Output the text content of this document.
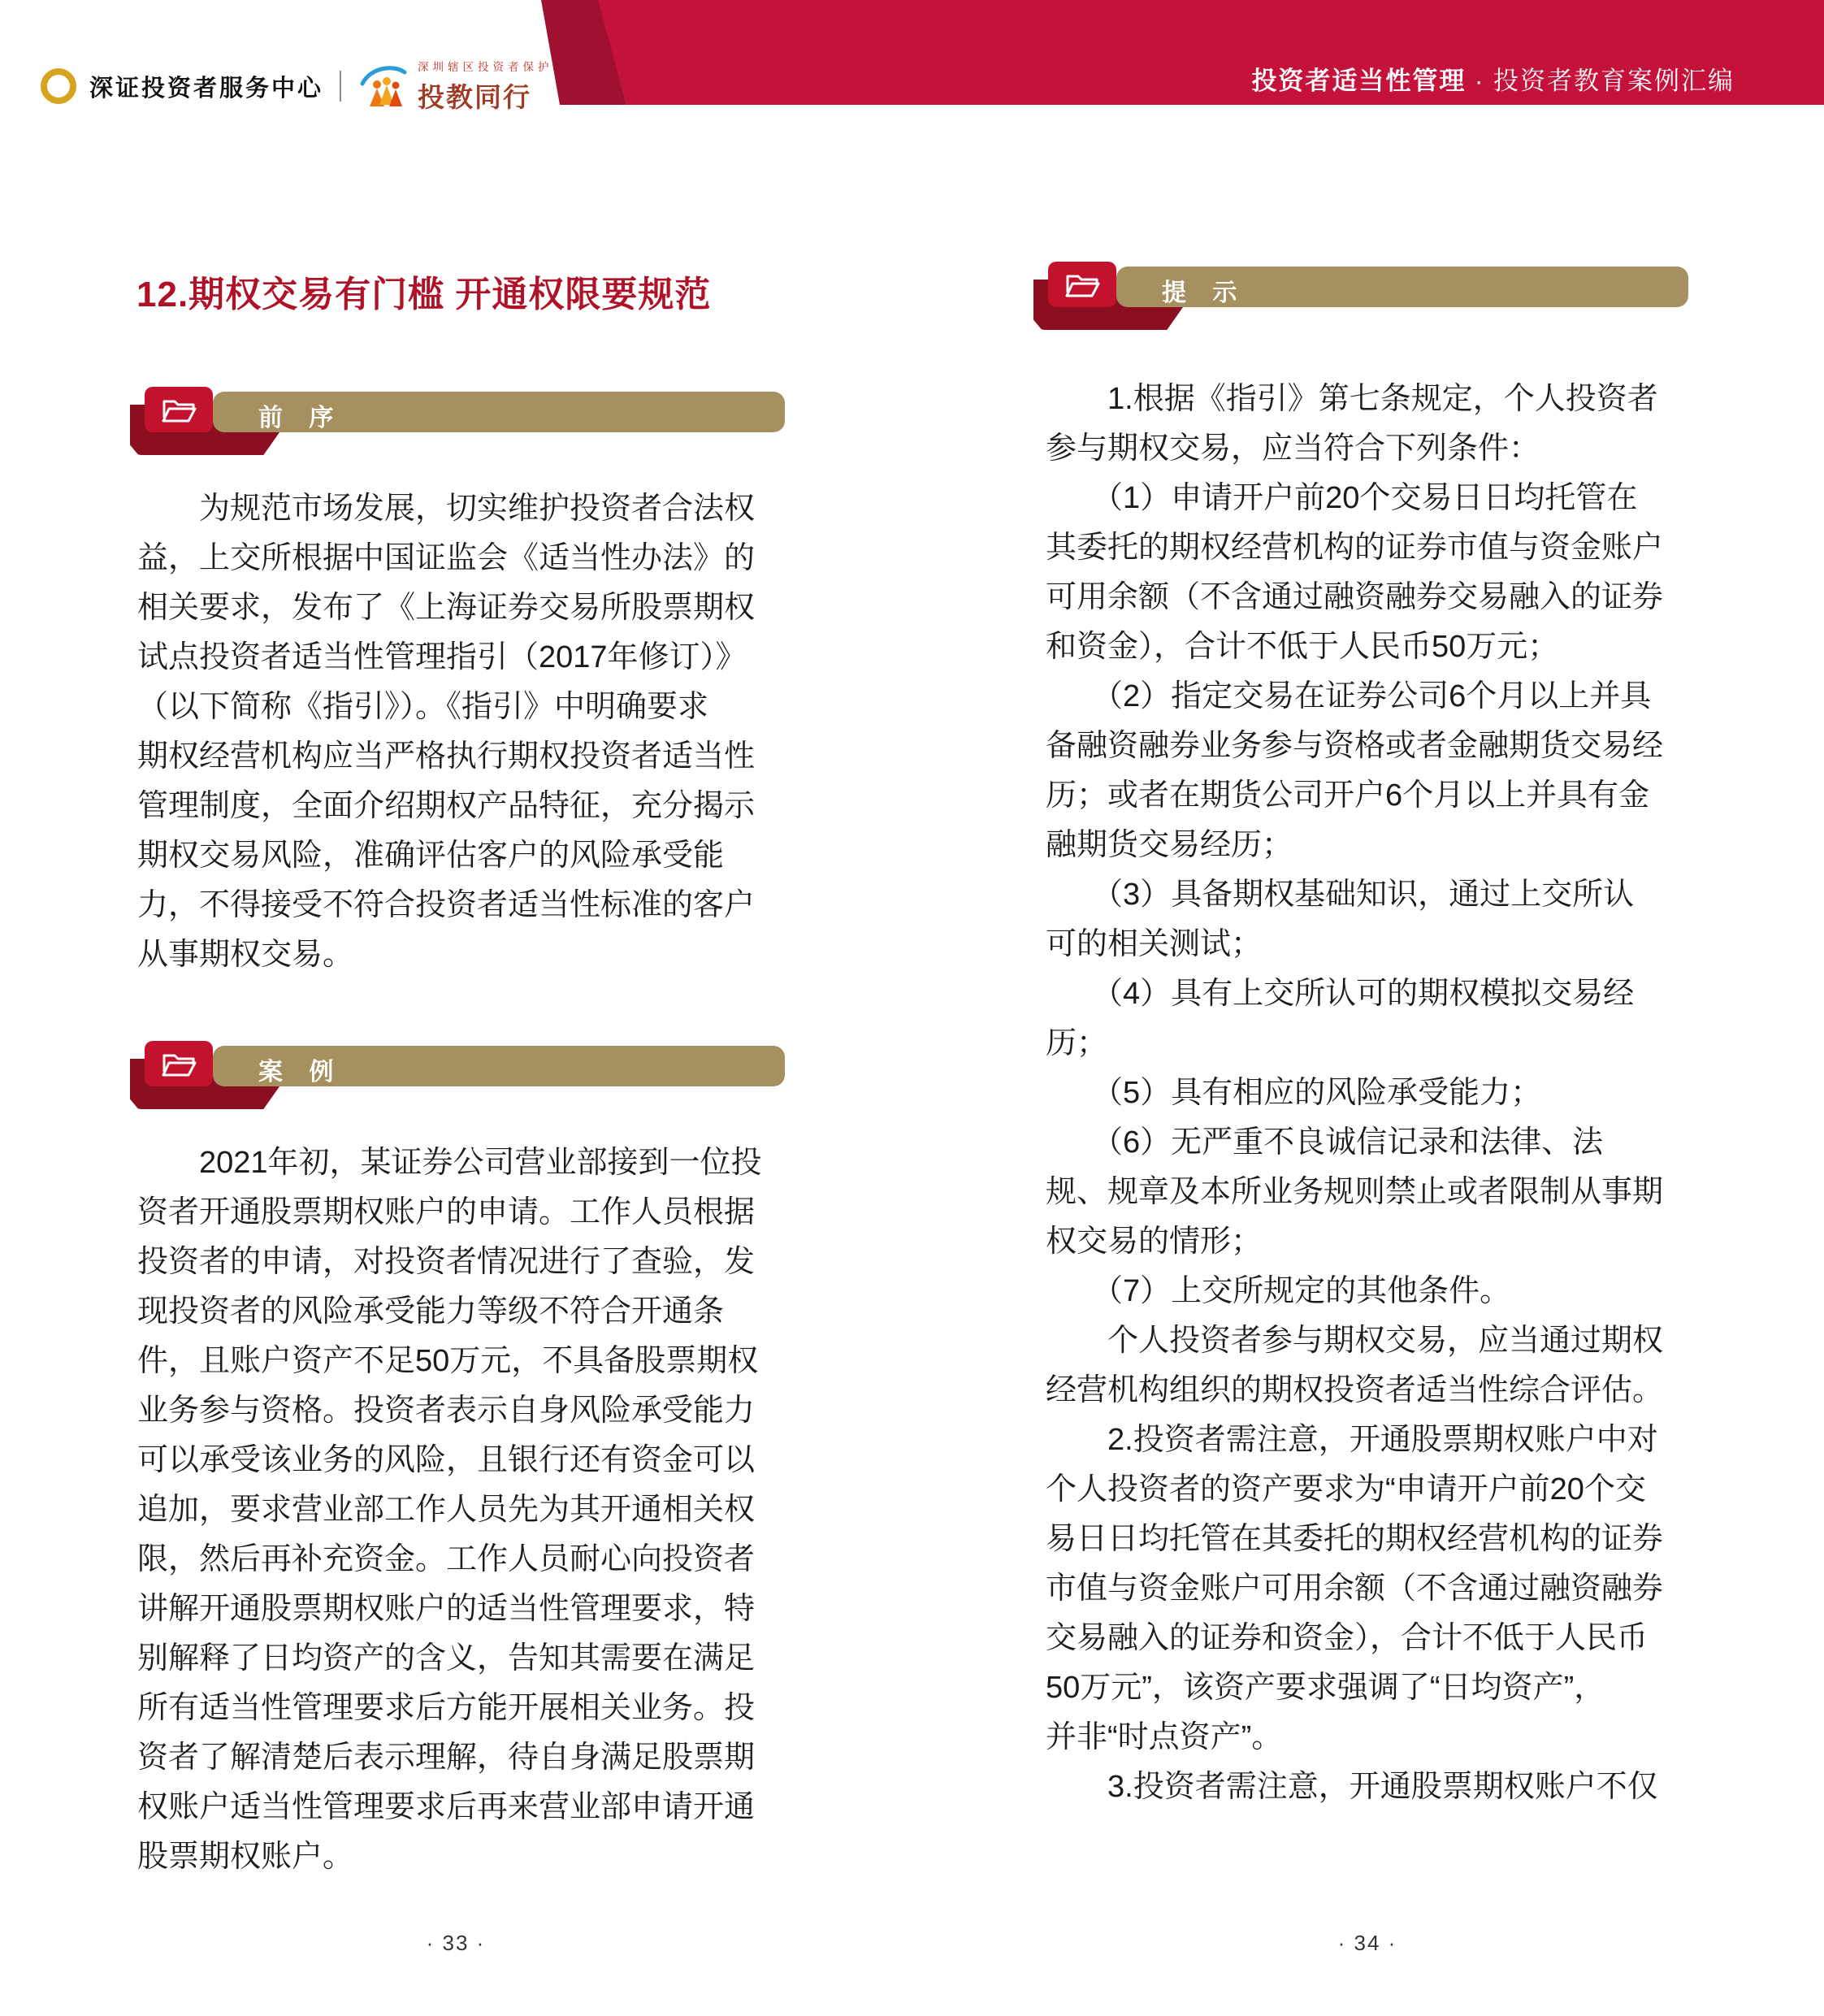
投资者适当性管理 · 投资者教育案例汇编
深证投资者服务中心
深圳辖区投资者保护
投教同行
12.期权交易有门槛 开通权限要规范
前 序
　　为规范市场发展，切实维护投资者合法权
益，上交所根据中国证监会《适当性办法》的
相关要求，发布了《上海证券交易所股票期权
试点投资者适当性管理指引（2017年修订）》
（以下简称《指引》）。《指引》中明确要求
期权经营机构应当严格执行期权投资者适当性
管理制度，全面介绍期权产品特征，充分揭示
期权交易风险，准确评估客户的风险承受能
力，不得接受不符合投资者适当性标准的客户
从事期权交易。
案 例
　　2021年初，某证券公司营业部接到一位投
资者开通股票期权账户的申请。工作人员根据
投资者的申请，对投资者情况进行了查验，发
现投资者的风险承受能力等级不符合开通条
件，且账户资产不足50万元，不具备股票期权
业务参与资格。投资者表示自身风险承受能力
可以承受该业务的风险，且银行还有资金可以
追加，要求营业部工作人员先为其开通相关权
限，然后再补充资金。工作人员耐心向投资者
讲解开通股票期权账户的适当性管理要求，特
别解释了日均资产的含义，告知其需要在满足
所有适当性管理要求后方能开展相关业务。投
资者了解清楚后表示理解，待自身满足股票期
权账户适当性管理要求后再来营业部申请开通
股票期权账户。
· 33 ·
提 示
　　1.根据《指引》第七条规定，个人投资者
参与期权交易，应当符合下列条件：
　　（1）申请开户前20个交易日日均托管在
其委托的期权经营机构的证券市值与资金账户
可用余额（不含通过融资融券交易融入的证券
和资金），合计不低于人民币50万元；
　　（2）指定交易在证券公司6个月以上并具
备融资融券业务参与资格或者金融期货交易经
历；或者在期货公司开户6个月以上并具有金
融期货交易经历；
　　（3）具备期权基础知识，通过上交所认
可的相关测试；
　　（4）具有上交所认可的期权模拟交易经
历；
　　（5）具有相应的风险承受能力；
　　（6）无严重不良诚信记录和法律、法
规、规章及本所业务规则禁止或者限制从事期
权交易的情形；
　　（7）上交所规定的其他条件。
　　个人投资者参与期权交易，应当通过期权
经营机构组织的期权投资者适当性综合评估。
　　2.投资者需注意，开通股票期权账户中对
个人投资者的资产要求为“申请开户前20个交
易日日均托管在其委托的期权经营机构的证券
市值与资金账户可用余额（不含通过融资融券
交易融入的证券和资金），合计不低于人民币
50万元”，该资产要求强调了“日均资产”，
并非“时点资产”。
　　3.投资者需注意，开通股票期权账户不仅
· 34 ·
